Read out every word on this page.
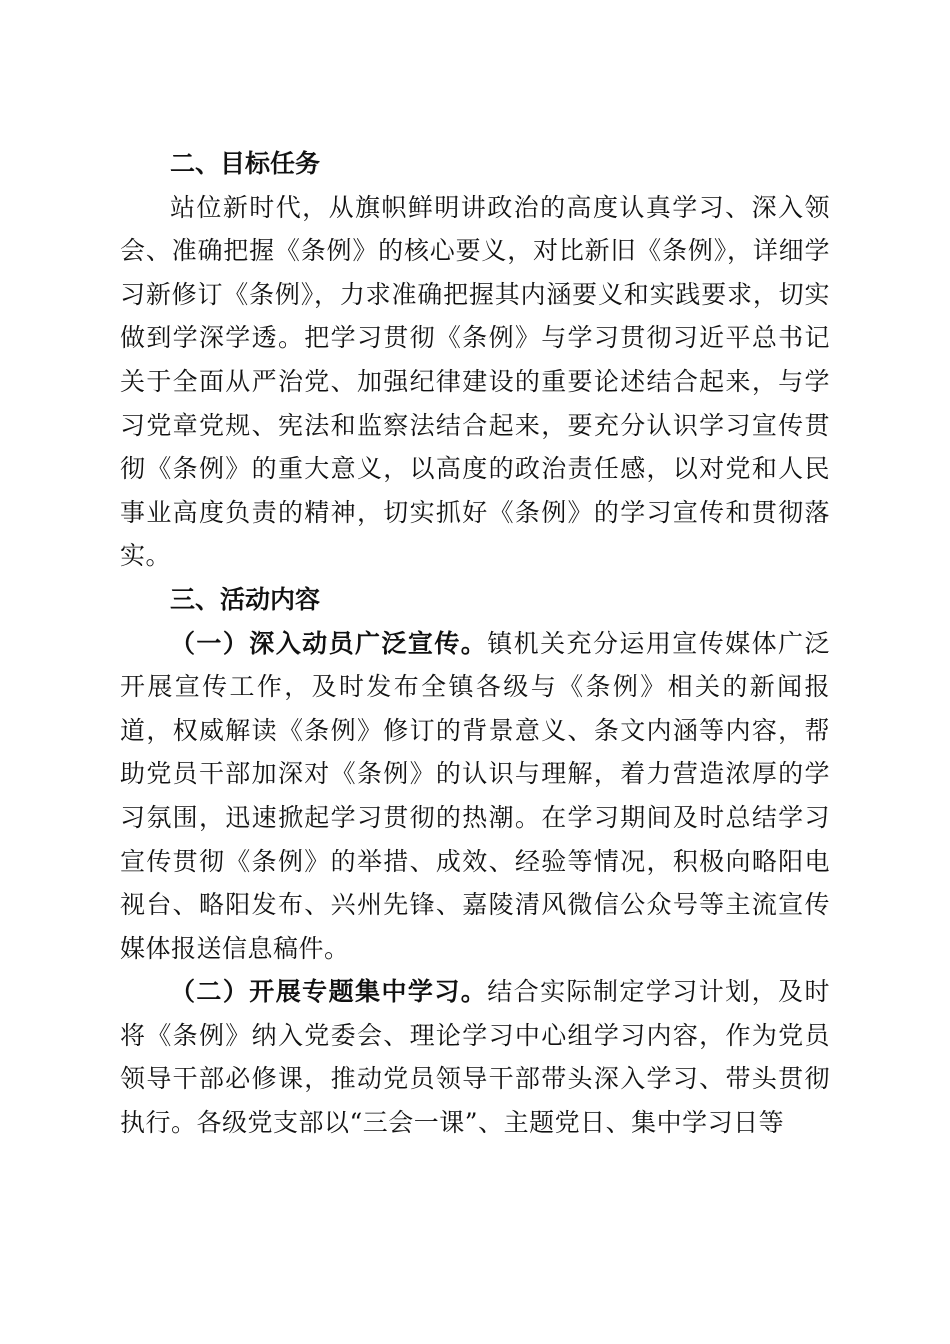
二、目标任务

站位新时代，从旗帜鲜明讲政治的高度认真学习、深入领会、准确把握《条例》的核心要义，对比新旧《条例》，详细学习新修订《条例》，力求准确把握其内涵要义和实践要求，切实做到学深学透。把学习贯彻《条例》与学习贯彻习近平总书记关于全面从严治党、加强纪律建设的重要论述结合起来，与学习党章党规、宪法和监察法结合起来，要充分认识学习宣传贯彻《条例》的重大意义，以高度的政治责任感，以对党和人民事业高度负责的精神，切实抓好《条例》的学习宣传和贯彻落实。

三、活动内容

（一）深入动员广泛宣传。镇机关充分运用宣传媒体广泛开展宣传工作，及时发布全镇各级与《条例》相关的新闻报道，权威解读《条例》修订的背景意义、条文内涵等内容，帮助党员干部加深对《条例》的认识与理解，着力营造浓厚的学习氛围，迅速掀起学习贯彻的热潮。在学习期间及时总结学习宣传贯彻《条例》的举措、成效、经验等情况，积极向略阳电视台、略阳发布、兴州先锋、嘉陵清风微信公众号等主流宣传媒体报送信息稿件。

（二）开展专题集中学习。结合实际制定学习计划，及时将《条例》纳入党委会、理论学习中心组学习内容，作为党员领导干部必修课，推动党员领导干部带头深入学习、带头贯彻执行。各级党支部以“三会一课”、主题党日、集中学习日等
